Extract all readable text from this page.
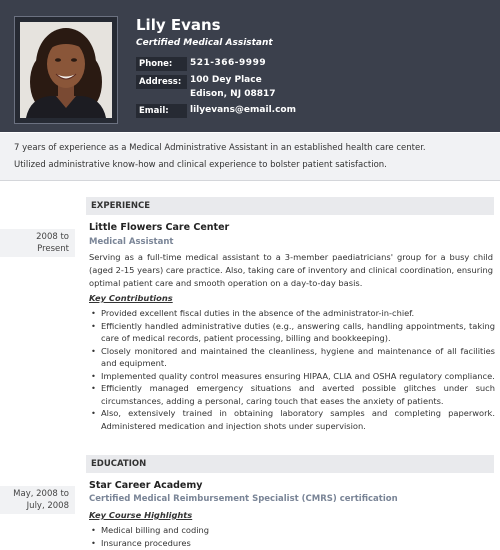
Lily Evans
Certified Medical Assistant
Phone:	521-366-9999
Address: 100 Dey Place
Edison, NJ 08817
Email:	lilyevans@email.com

7 years of experience as a Medical Administrative Assistant in an established health care center.

Utilized administrative know-how and clinical experience to bolster patient satisfaction.

EXPERIENCE
2008 to
Present
Little Flowers Care Center
Medical Assistant

Serving as a full-time medical assistant to a 3-member paediatricians' group for a busy child (aged 2-15 years) care practice. Also, taking care of inventory and clinical coordination, ensuring optimal patient care and smooth operation on a day-to-day basis.

Key Contributions
• Provided excellent fiscal duties in the absence of the administrator-in-chief.
• Efficiently handled administrative duties (e.g., answering calls, handling appointments, taking care of medical records, patient processing, billing and bookkeeping).
• Closely monitored and maintained the cleanliness, hygiene and maintenance of all facilities and equipment.
• Implemented quality control measures ensuring HIPAA, CLIA and OSHA regulatory compliance.
• Efficiently managed emergency situations and averted possible glitches under such circumstances, adding a personal, caring touch that eases the anxiety of patients.
• Also, extensively trained in obtaining laboratory samples and completing paperwork. Administered medication and injection shots under supervision.
EDUCATION
May, 2008 to
July, 2008
Star Career Academy
Certified Medical Reimbursement Specialist (CMRS) certification
Key Course Highlights
• Medical billing and coding
• Insurance procedures
